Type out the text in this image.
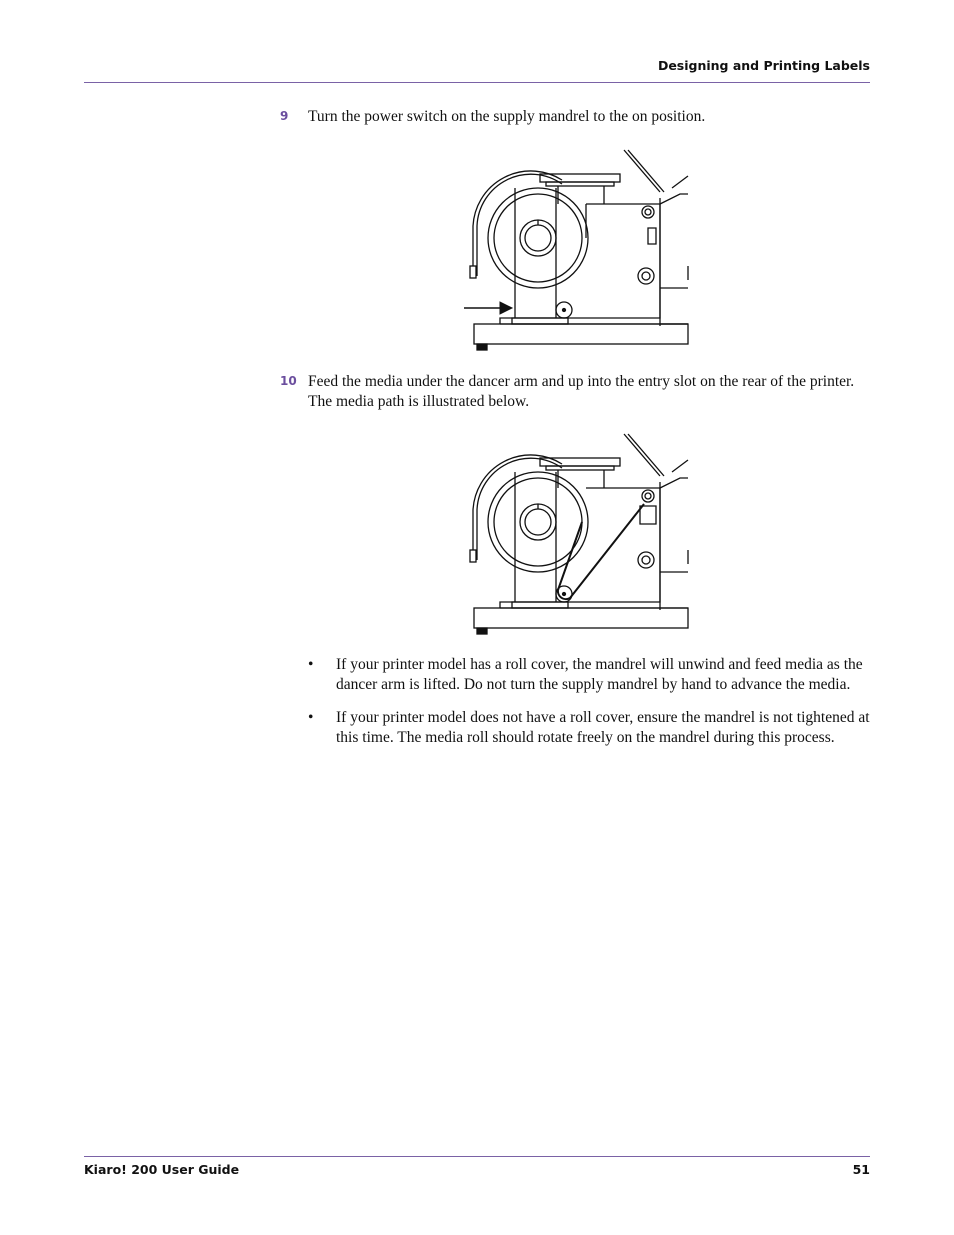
Designing and Printing Labels
9 Turn the power switch on the supply mandrel to the on position.
10 Feed the media under the dancer arm and up into the entry slot on the rear of the printer. The media path is illustrated below.
• If your printer model has a roll cover, the mandrel will unwind and feed media as the dancer arm is lifted. Do not turn the supply mandrel by hand to advance the media.
• If your printer model does not have a roll cover, ensure the mandrel is not tightened at this time. The media roll should rotate freely on the mandrel during this process.
Kiaro! 200 User Guide	51
